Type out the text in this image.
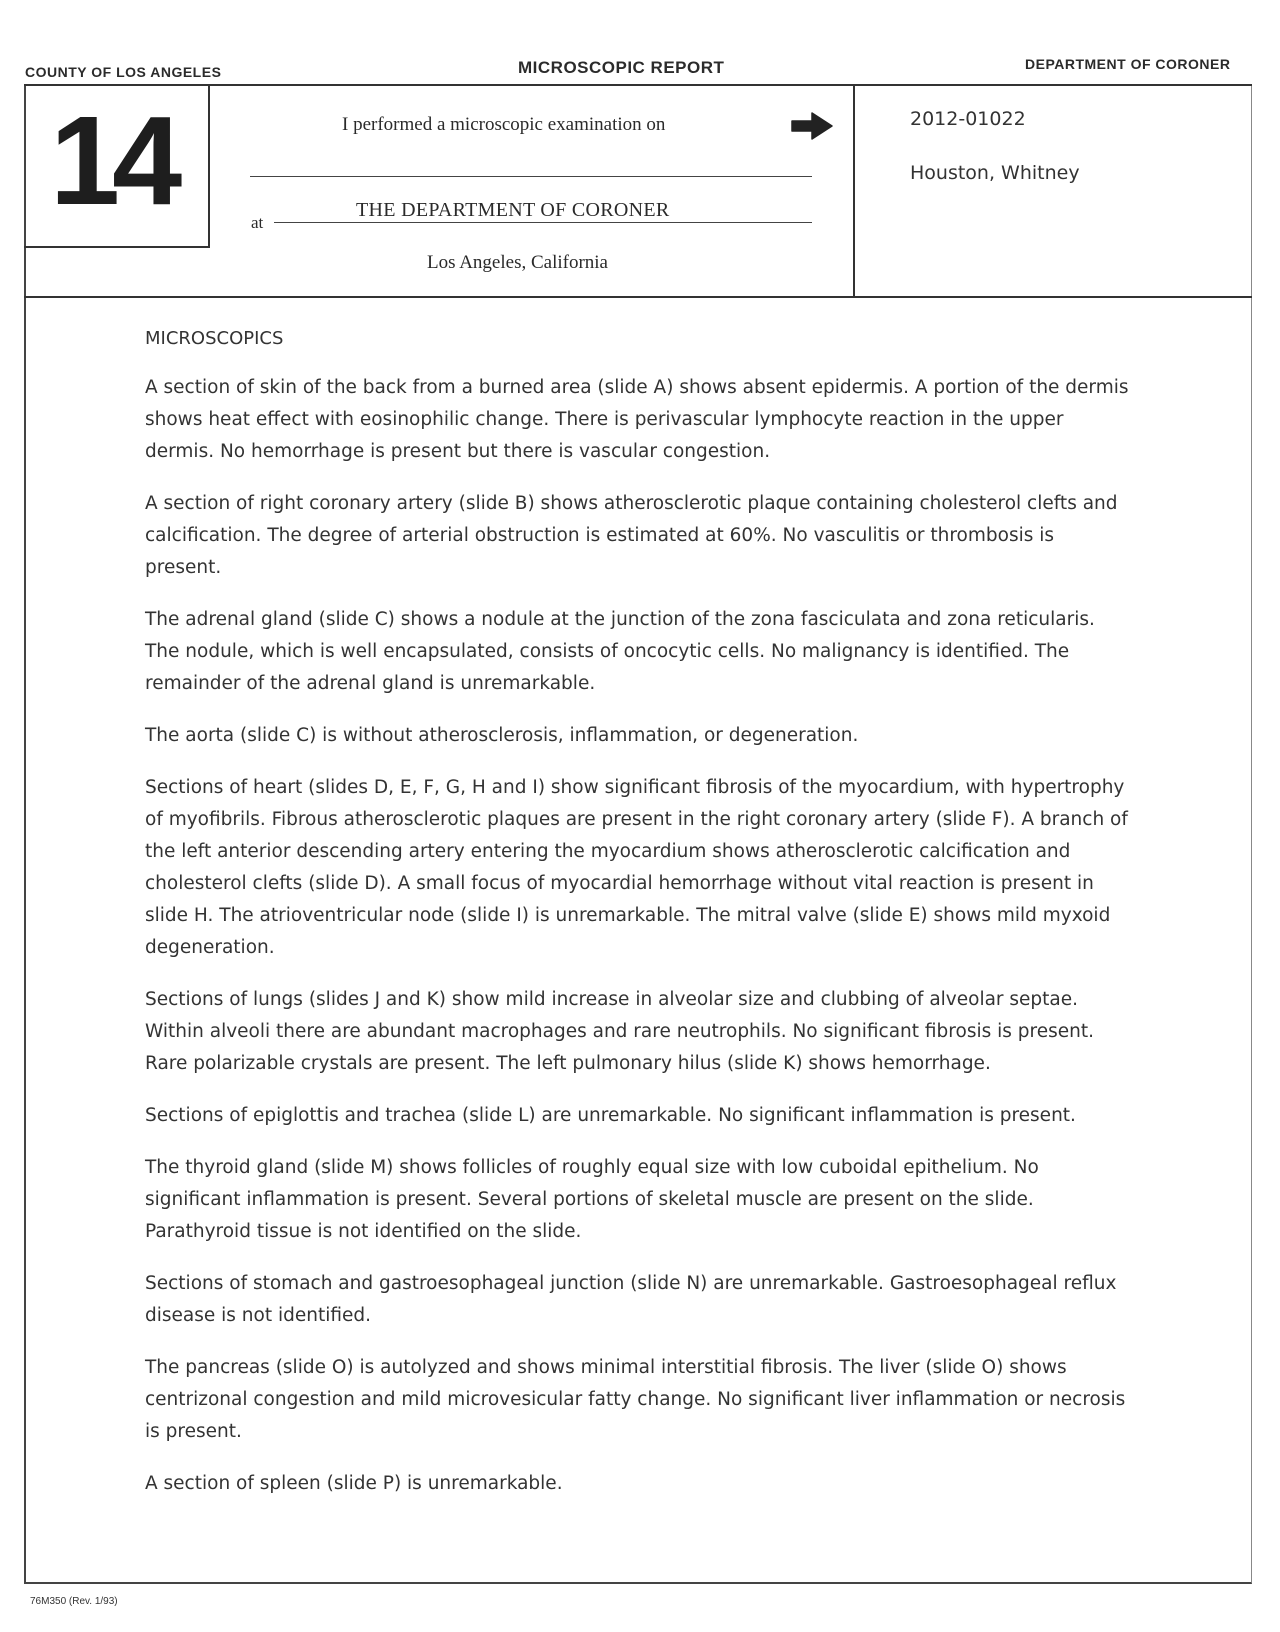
COUNTY OF LOS ANGELES	MICROSCOPIC REPORT	DEPARTMENT OF CORONER
14	I performed a microscopic examination on
at
THE DEPARTMENT OF CORONER
Los Angeles, California
2012-01022
Houston, Whitney
MICROSCOPICS

A section of skin of the back from a burned area (slide A) shows absent epidermis. A portion of the dermis shows heat effect with eosinophilic change. There is perivascular lymphocyte reaction in the upper dermis. No hemorrhage is present but there is vascular congestion.

A section of right coronary artery (slide B) shows atherosclerotic plaque containing cholesterol clefts and calcification. The degree of arterial obstruction is estimated at 60%. No vasculitis or thrombosis is present.

The adrenal gland (slide C) shows a nodule at the junction of the zona fasciculata and zona reticularis. The nodule, which is well encapsulated, consists of oncocytic cells. No malignancy is identified. The remainder of the adrenal gland is unremarkable.

The aorta (slide C) is without atherosclerosis, inflammation, or degeneration.

Sections of heart (slides D, E, F, G, H and I) show significant fibrosis of the myocardium, with hypertrophy of myofibrils. Fibrous atherosclerotic plaques are present in the right coronary artery (slide F). A branch of the left anterior descending artery entering the myocardium shows atherosclerotic calcification and cholesterol clefts (slide D). A small focus of myocardial hemorrhage without vital reaction is present in slide H. The atrioventricular node (slide I) is unremarkable. The mitral valve (slide E) shows mild myxoid degeneration.

Sections of lungs (slides J and K) show mild increase in alveolar size and clubbing of alveolar septae. Within alveoli there are abundant macrophages and rare neutrophils. No significant fibrosis is present. Rare polarizable crystals are present. The left pulmonary hilus (slide K) shows hemorrhage.

Sections of epiglottis and trachea (slide L) are unremarkable. No significant inflammation is present.

The thyroid gland (slide M) shows follicles of roughly equal size with low cuboidal epithelium. No significant inflammation is present. Several portions of skeletal muscle are present on the slide. Parathyroid tissue is not identified on the slide.

Sections of stomach and gastroesophageal junction (slide N) are unremarkable. Gastroesophageal reflux disease is not identified.

The pancreas (slide O) is autolyzed and shows minimal interstitial fibrosis. The liver (slide O) shows centrizonal congestion and mild microvesicular fatty change. No significant liver inflammation or necrosis is present.

A section of spleen (slide P) is unremarkable.

76M350 (Rev. 1/93)
